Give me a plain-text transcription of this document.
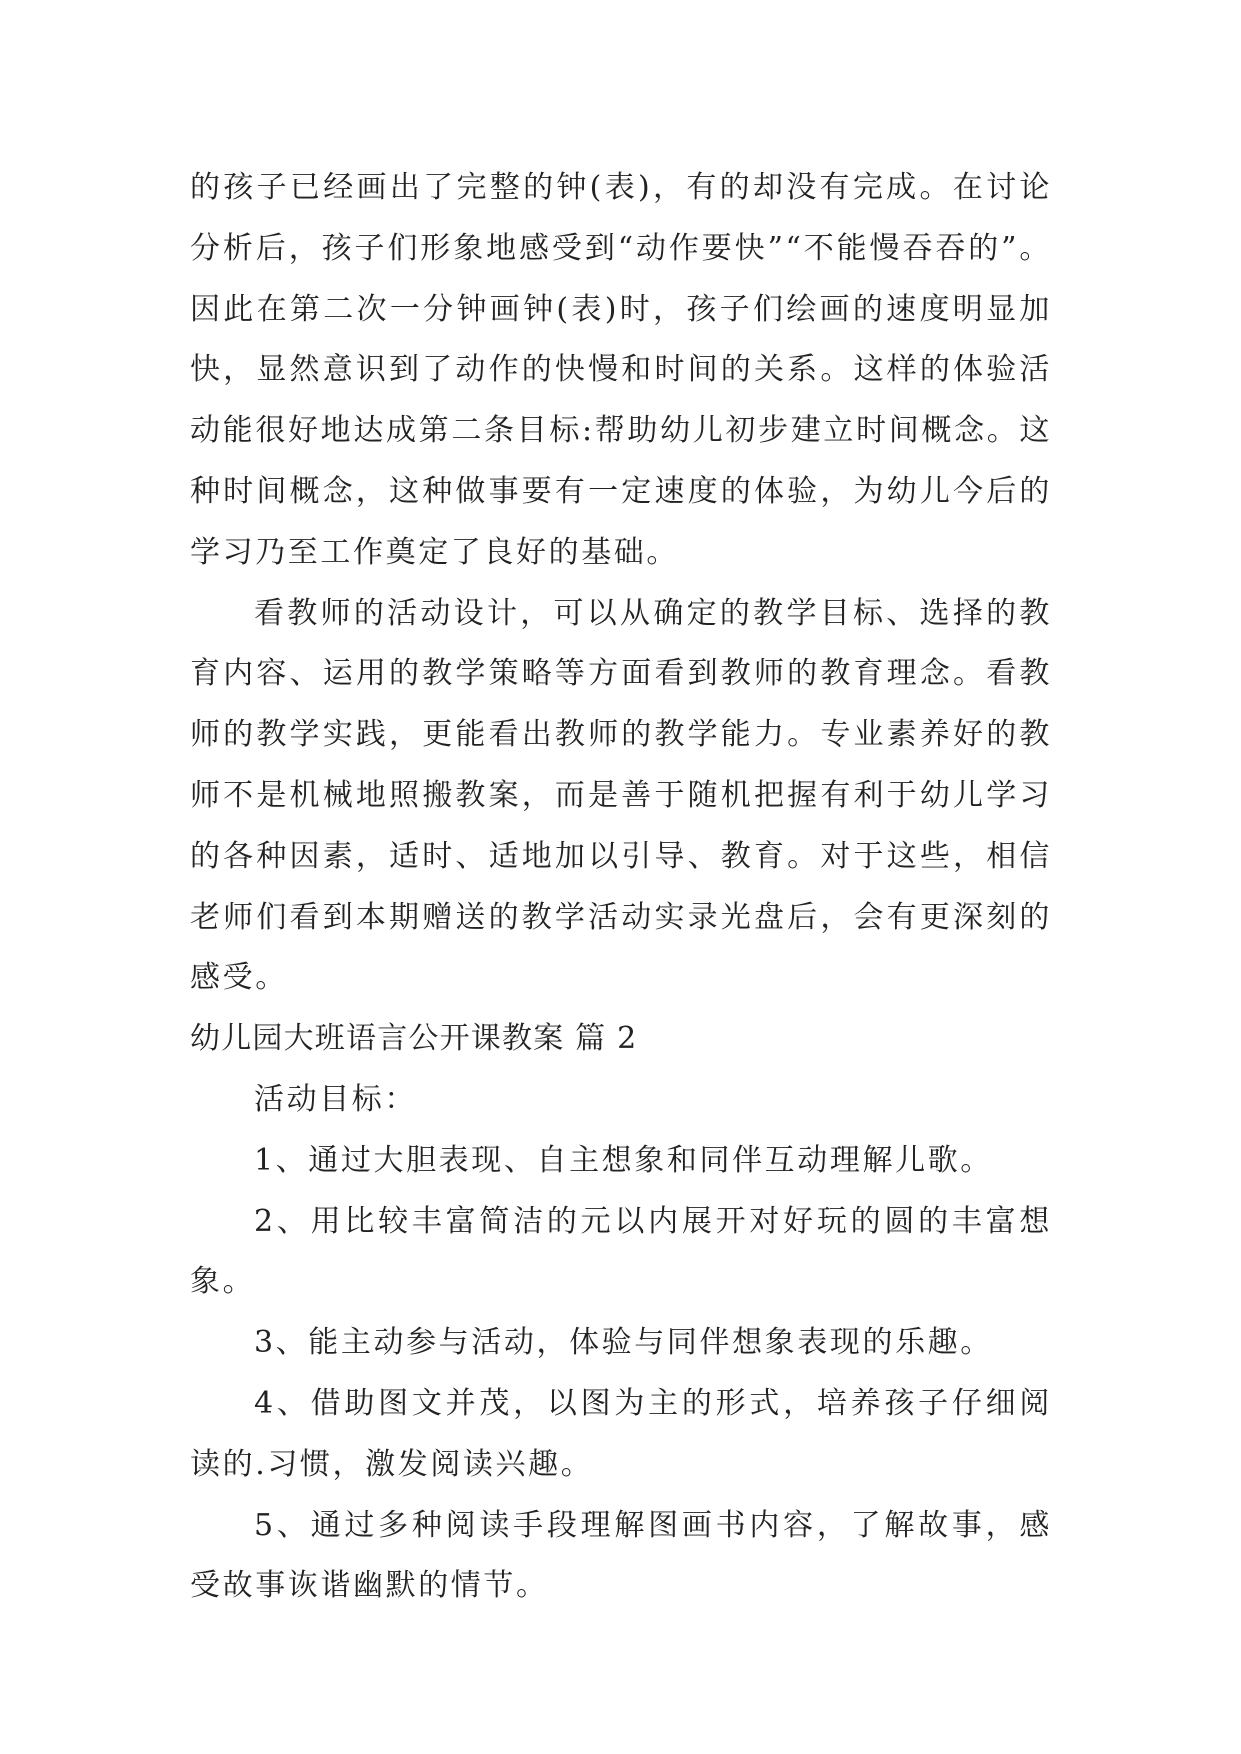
的孩子已经画出了完整的钟(表)，有的却没有完成。在讨论分析后，孩子们形象地感受到“动作要快”“不能慢吞吞的”。因此在第二次一分钟画钟(表)时，孩子们绘画的速度明显加快，显然意识到了动作的快慢和时间的关系。这样的体验活动能很好地达成第二条目标:帮助幼儿初步建立时间概念。这种时间概念，这种做事要有一定速度的体验，为幼儿今后的学习乃至工作奠定了良好的基础。

看教师的活动设计，可以从确定的教学目标、选择的教育内容、运用的教学策略等方面看到教师的教育理念。看教师的教学实践，更能看出教师的教学能力。专业素养好的教师不是机械地照搬教案，而是善于随机把握有利于幼儿学习的各种因素，适时、适地加以引导、教育。对于这些，相信老师们看到本期赠送的教学活动实录光盘后，会有更深刻的感受。

幼儿园大班语言公开课教案 篇 2

活动目标：

1、通过大胆表现、自主想象和同伴互动理解儿歌。

2、用比较丰富简洁的元以内展开对好玩的圆的丰富想象。

3、能主动参与活动，体验与同伴想象表现的乐趣。

4、借助图文并茂，以图为主的形式，培养孩子仔细阅读的.习惯，激发阅读兴趣。

5、通过多种阅读手段理解图画书内容，了解故事，感受故事诙谐幽默的情节。
